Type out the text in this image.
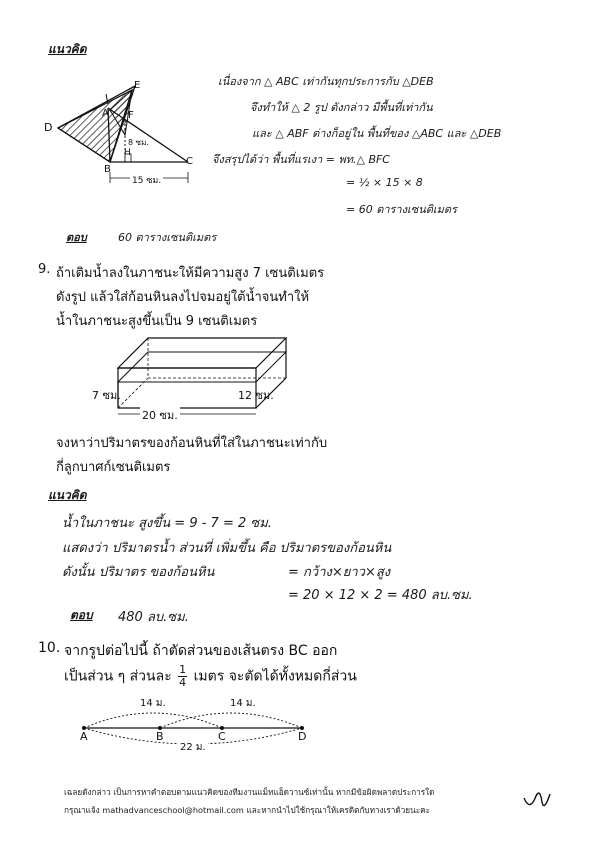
แนวคิด
D
E
A F
B
C
H
8 ซม.
15 ซม.
เนื่องจาก △ ABC เท่ากันทุกประการกับ △DEB
จึงทำให้ △ 2 รูป ดังกล่าว มีพื้นที่เท่ากัน
และ △ ABF ต่างก็อยู่ใน พื้นที่ของ △ABC และ △DEB
จึงสรุปได้ว่า พื้นที่แรเงา = พท.△ BFC
= ½ × 15 × 8
= 60 ตารางเซนติเมตร
ตอบ	60 ตารางเซนติเมตร
9. ถ้าเติมน้ำลงในภาชนะให้มีความสูง 7 เซนติเมตร
ดังรูป แล้วใส่ก้อนหินลงไปจมอยู่ใต้น้ำจนทำให้
น้ำในภาชนะสูงขึ้นเป็น 9 เซนติเมตร
7 ซม.
20 ซม.
12 ซม.
จงหาว่าปริมาตรของก้อนหินที่ใส่ในภาชนะเท่ากับ
กี่ลูกบาศก์เซนติเมตร
แนวคิด
น้ำในภาชนะ สูงขึ้น = 9 - 7 = 2 ซม.
แสดงว่า ปริมาตรน้ำ ส่วนที่ เพิ่มขึ้น คือ ปริมาตรของก้อนหิน
ดังนั้น ปริมาตร ของก้อนหิน	= กว้าง×ยาว×สูง
= 20 × 12 × 2 = 480 ลบ.ซม.
ตอบ 480 ลบ.ซม.
10. จากรูปต่อไปนี้ ถ้าตัดส่วนของเส้นตรง BC ออก
เป็นส่วน ๆ ส่วนละ $\frac{1}{4}$ เมตร จะตัดได้ทั้งหมดกี่ส่วน
A	B	C	D
14 ม.	14 ม.
22 ม.
เฉลยดังกล่าว เป็นการหาคำตอบตามแนวคิดของทีมงานแม็ทแอ็ดวานซ์เท่านั้น หากมีข้อผิดพลาดประการใด
กรุณาแจ้ง mathadvanceschool@hotmail.com และหากนำไปใช้กรุณาให้เครดิตกับทางเราด้วยนะคะ
